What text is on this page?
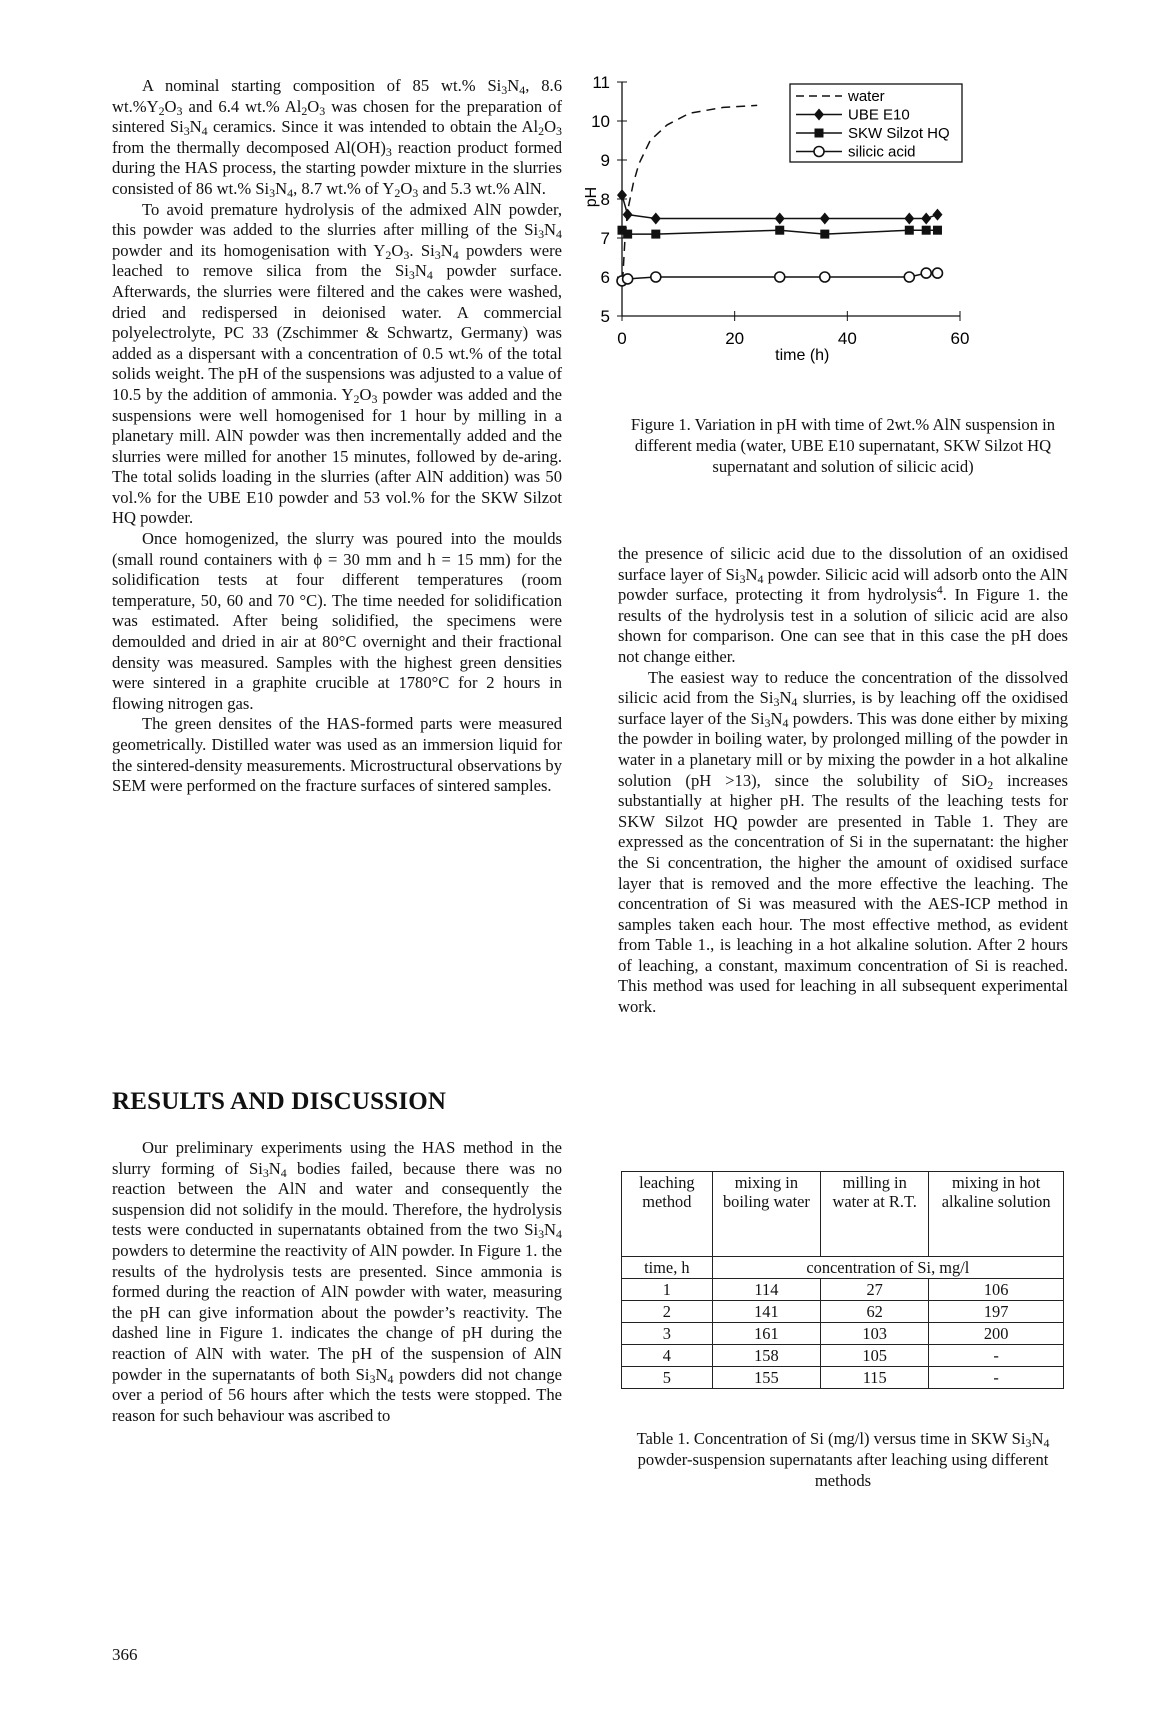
A nominal starting composition of 85 wt.% $Si_3N_4$, 8.6 $wt.\%Y_2O_3$ and 6.4 wt.% $Al_2O_3$ was chosen for the preparation of sintered $Si_3N_4$ ceramics. Since it was intended to obtain the $Al_2O_3$ from the thermally decomposed $Al(OH)_3$ reaction product formed during the HAS process, the starting powder mixture in the slurries consisted of 86 wt.% $Si_3N_4$, 8.7 wt.% of $Y_2O_3$ and 5.3 wt.% AlN.

To avoid premature hydrolysis of the admixed AlN powder, this powder was added to the slurries after milling of the $Si_3N_4$ powder and its homogenisation with $Y_2O_3$. $Si_3N_4$ powders were leached to remove silica from the $Si_3N_4$ powder surface. Afterwards, the slurries were filtered and the cakes were washed, dried and redispersed in deionised water. A commercial polyelectrolyte, PC 33 (Zschimmer & Schwartz, Germany) was added as a dispersant with a concentration of 0.5 wt.% of the total solids weight. The pH of the suspensions was adjusted to a value of 10.5 by the addition of ammonia. $Y_2O_3$ powder was added and the suspensions were well homogenised for 1 hour by milling in a planetary mill. AlN powder was then incrementally added and the slurries were milled for another 15 minutes, followed by de-aring. The total solids loading in the slurries (after AlN addition) was 50 vol.% for the UBE E10 powder and 53 vol.% for the SKW Silzot HQ powder.

Once homogenized, the slurry was poured into the moulds (small round containers with ϕ = 30 mm and h = 15 mm) for the solidification tests at four different temperatures (room temperature, 50, 60 and 70 °C). The time needed for solidification was estimated. After being solidified, the specimens were demoulded and dried in air at 80°C overnight and their fractional density was measured. Samples with the highest green densities were sintered in a graphite crucible at 1780°C for 2 hours in flowing nitrogen gas.

The green densites of the HAS-formed parts were measured geometrically. Distilled water was used as an immersion liquid for the sintered-density measurements. Microstructural observations by SEM were performed on the fracture surfaces of sintered samples.

RESULTS AND DISCUSSION

Our preliminary experiments using the HAS method in the slurry forming of $Si_3N_4$ bodies failed, because there was no reaction between the AlN and water and consequently the suspension did not solidify in the mould. Therefore, the hydrolysis tests were conducted in supernatants obtained from the two $Si_3N_4$ powders to determine the reactivity of AlN powder. In Figure 1. the results of the hydrolysis tests are presented. Since ammonia is formed during the reaction of AlN powder with water, measuring the pH can give information about the powder’s reactivity. The dashed line in Figure 1. indicates the change of pH during the reaction of AlN with water. The pH of the suspension of AlN powder in the supernatants of both $Si_3N_4$ powders did not change over a period of 56 hours after which the tests were stopped. The reason for such behaviour was ascribed to

5
6
7
8
9
10
11
0	20	40	60
time (h)
pH
water
UBE E10
SKW Silzot HQ
silicic acid
Figure 1. Variation in pH with time of 2wt.% AlN suspension in different media (water, UBE E10 supernatant, SKW Silzot HQ supernatant and solution of silicic acid)

the presence of silicic acid due to the dissolution of an oxidised surface layer of $Si_3N_4$ powder. Silicic acid will adsorb onto the AlN powder surface, protecting it from hydrolysis$^4$. In Figure 1. the results of the hydrolysis test in a solution of silicic acid are also shown for comparison. One can see that in this case the pH does not change either.

The easiest way to reduce the concentration of the dissolved silicic acid from the $Si_3N_4$ slurries, is by leaching off the oxidised surface layer of the $Si_3N_4$ powders. This was done either by mixing the powder in boiling water, by prolonged milling of the powder in water in a planetary mill or by mixing the powder in a hot alkaline solution (pH >13), since the solubility of SiO$_2$ increases substantially at higher pH. The results of the leaching tests for SKW Silzot HQ powder are presented in Table 1. They are expressed as the concentration of Si in the supernatant: the higher the Si concentration, the higher the amount of oxidised surface layer that is removed and the more effective the leaching. The concentration of Si was measured with the AES-ICP method in samples taken each hour. The most effective method, as evident from Table 1., is leaching in a hot alkaline solution. After 2 hours of leaching, a constant, maximum concentration of Si is reached. This method was used for leaching in all subsequent experimental work.

leaching method	mixing in boiling water	milling in water at R.T.	mixing in hot alkaline solution
time, h	concentration of Si, mg/l		
1	114	27	106
2	141	62	197
3	161	103	200
4	158	105	-
5	155	115	-
Table 1. Concentration of Si (mg/l) versus time in SKW $Si_3N_4$ powder-suspension supernatants after leaching using different methods
366
